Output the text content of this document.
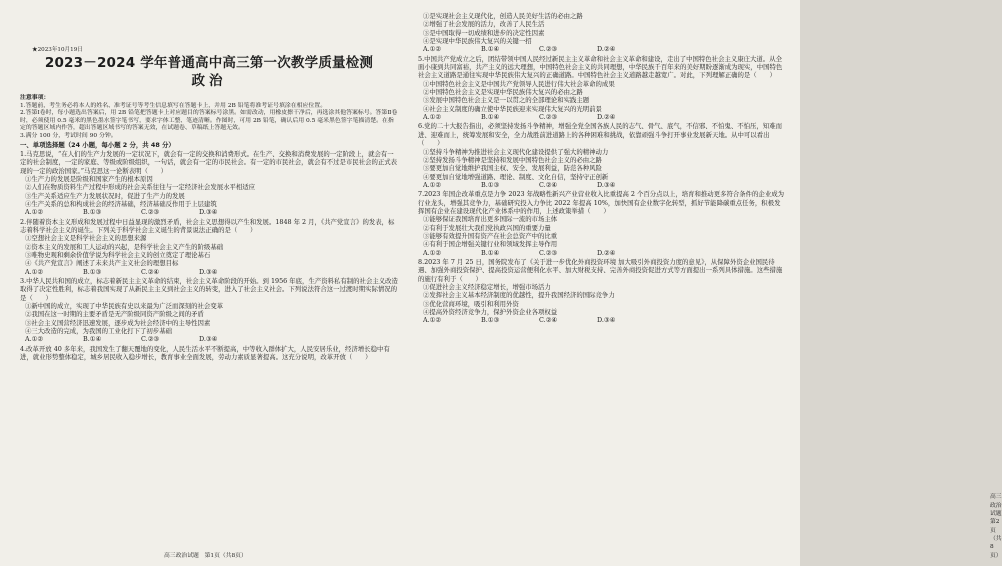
★2023年10月19日
2023－2024 学年普通高中高三第一次教学质量检测
政治

注意事项：

1.答题前，考生务必将本人的姓名、准考证号等考生信息填写在答题卡上，并用 2B 铅笔将准考证号填涂在相应位置。

2.答第Ⅰ卷时，每小题选出答案后，用 2B 铅笔把答题卡上对应题目的答案标号涂黑。如需改动，用橡皮擦干净后，再选涂其他答案标号。答第Ⅱ卷时，必须使用 0.5 毫米的黑色墨水签字笔书写，要求字体工整、笔迹清晰。作图时，可用 2B 铅笔，确认后用 0.5 毫米黑色签字笔描清楚。在指定的答题区域内作答，超出答题区域书写的答案无效，在试题卷、草稿纸上答题无效。

3.满分 100 分，考试时间 90 分钟。

一、单项选择题（24 小题，每小题 2 分，共 48 分）

1.马克思说，“在人们的生产力发展的一定状况下，就会有一定的交换和消费形式。在生产、交换和消费发展的一定阶段上，就会有一定的社会制度，一定的家庭、等级或阶级组织，一句话，就会有一定的市民社会。有一定的市民社会，就会有不过是市民社会的正式表现的一定的政治国家。”马克思这一论断表明（　　）

①生产力的发展是阶级和国家产生的根本原因

②人们在物质资料生产过程中形成的社会关系往往与一定经济社会发展水平相适应

③生产关系适应生产力发展状况时，促进了生产力的发展

④生产关系的总和构成社会的经济基础，经济基础反作用于上层建筑

A.①②	B.①③	C.②③	D.③④

2.伴随着资本主义形成和发展过程中日益显现的激烈矛盾，社会主义思想得以产生和发展。1848 年 2 月，《共产党宣言》的发表，标志着科学社会主义的诞生。下列关于科学社会主义诞生的背景说法正确的是（　　）

①空想社会主义是科学社会主义的思想来源

②资本主义的发展和工人运动的兴起，是科学社会主义产生的阶级基础

③唯物史观和剩余价值学说为科学社会主义的创立奠定了理论基石

④《共产党宣言》阐述了未来共产主义社会的理想目标

A.①②	B.①③	C.②④	D.③④

3.中华人民共和国的成立，标志着新民主主义革命的结束，社会主义革命阶段的开始。到 1956 年底，生产资料私有制的社会主义改造取得了决定性胜利，标志着我国实现了从新民主主义到社会主义的转变，进入了社会主义社会。下列说法符合这一过渡时期实际情况的是（　　）

①新中国的成立，实现了中华民族有史以来最为广泛而深刻的社会变革

②我国在这一时期的主要矛盾是无产阶级同资产阶级之间的矛盾

③社会主义国营经济迅速发展，逐步成为社会经济中的主导性因素

④三大改造的完成，为我国的工业化打下了初步基础

A.①②	B.①④	C.②③	D.③④

4.改革开放 40 多年来，我国发生了翻天覆地的变化，人民生活水平不断提高，中等收入群体扩大，人民安居乐业，经济增长稳中有进，就业形势整体稳定，城乡居民收入稳步增长，教育事业全面发展，劳动力素质显著提高。这充分说明，改革开放（　　）

高三政治试题　第1页（共8页）

①是实现社会主义现代化，创造人民美好生活的必由之路

②增强了社会发展的活力，改善了人民生活

③是中国取得一切成绩和进步的决定性因素

④是实现中华民族伟大复兴的关键一招

A.①②	B.①④	C.②③	D.②④

5.中国共产党成立之后，团结带领中国人民经过新民主主义革命和社会主义革命和建设，走出了中国特色社会主义康庄大道。从全面小康到共同富裕，共产主义的远大理想，中国特色社会主义的共同理想，中华民族千百年来的美好期盼逐渐成为现实，中国特色社会主义道路是通往实现中华民族伟大复兴的正确道路。中国特色社会主义道路越走越宽广。对此，下列理解正确的是（　　）

①中国特色社会主义是中国共产党领导人民进行伟大社会革命的成果

②中国特色社会主义是实现中华民族伟大复兴的必由之路

③发展中国特色社会主义是一以贯之的全部理论和实践主题

④社会主义制度的确立使中华民族迎来实现伟大复兴的光明前景

A.①②	B.①④	C.②③	D.②④

6.党的二十大报告指出，必须坚持发扬斗争精神，增强全党全国各族人民的志气、骨气、底气，不信邪、不怕鬼、不怕压，知难而进、迎难而上，统筹发展和安全，全力战胜前进道路上的各种困难和挑战，依靠顽强斗争打开事业发展新天地。从中可以看出（　　）

①坚持斗争精神为推进社会主义现代化建设提供了强大的精神动力

②坚持发扬斗争精神是坚持和发展中国特色社会主义的必由之路

③要更加自觉地维护我国主权、安全、发展利益，防范各种风险

④要更加自觉地增强道路、理论、制度、文化自信，坚持守正创新

A.①②	B.①③	C.②④	D.③④

7.2023 年国企改革重点是力争 2023 年战略性新兴产业营业收入比重提高 2 个百分点以上，培育和推动更多符合条件的企业成为行业龙头，增强其竞争力，基础研究投入力争比 2022 年提高 10%，加快国有企业数字化转型，抓好节能降碳重点任务，积极发挥国有企业在建设现代化产业体系中的作用，上述政策举措（　　）

①能够保证我国培育出更多国际一流的市场主体

②有利于发展壮大我们党执政兴国的重要力量

③能够有效提升国有资产在社会总资产中的比重

④有利于国企增强关键行业和领域发挥主导作用

A.①②	B.①④	C.②③	D.②④

8.2023 年 7 月 25 日，国务院发布了《关于进一步优化外商投资环境 加大吸引外商投资力度的意见》，从保障外资企业国民待遇、加强外商投资保护、提高投资运营便利化水平、加大财税支持、完善外商投资促进方式等方面提出一系列具体措施。这些措施的施行有利于（　　）

①促进社会主义经济稳定增长，增强市场活力

②发挥社会主义基本经济制度的优越性，提升我国经济的国际竞争力

③优化营商环境，吸引和利用外资

④提高外资经济竞争力，保护外资企业各项权益

A.①②	B.①③	C.②④	D.③④
高三政治试题　第2页（共8页）
